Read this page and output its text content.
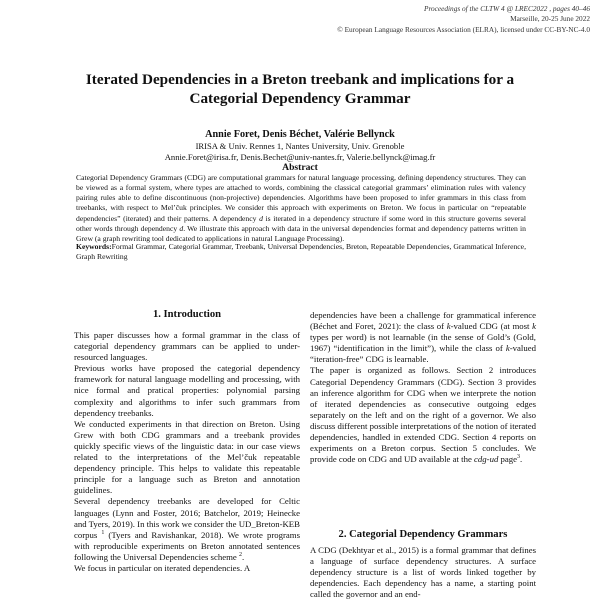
Proceedings of the CLTW 4 @ LREC2022 , pages 40–46
Marseille, 20-25 June 2022
© European Language Resources Association (ELRA), licensed under CC-BY-NC-4.0
Iterated Dependencies in a Breton treebank and implications for a
Categorial Dependency Grammar
Annie Foret, Denis Béchet, Valérie Bellynck
IRISA & Univ. Rennes 1, Nantes University, Univ. Grenoble
Annie.Foret@irisa.fr, Denis.Bechet@univ-nantes.fr, Valerie.bellynck@imag.fr
Abstract

Categorial Dependency Grammars (CDG) are computational grammars for natural language processing, defining dependency structures. They can be viewed as a formal system, where types are attached to words, combining the classical categorial grammars’ elimination rules with valency pairing rules able to define discontinuous (non-projective) dependencies. Algorithms have been proposed to infer grammars in this class from treebanks, with respect to Mel’čuk principles. We consider this approach with experiments on Breton. We focus in particular on “repeatable dependencies” (iterated) and their patterns. A dependency d is iterated in a dependency structure if some word in this structure governs several other words through dependency d. We illustrate this approach with data in the universal dependencies format and dependency patterns written in Grew (a graph rewriting tool dedicated to applications in natural Language Processing).

Keywords:Formal Grammar, Categorial Grammar, Treebank, Universal Dependencies, Breton, Repeatable Dependencies, Grammatical Inference, Graph Rewriting
1. Introduction

This paper discusses how a formal grammar in the class of categorial dependency grammars can be applied to under-resourced languages.

Previous works have proposed the categorial dependency framework for natural language modelling and processing, with nice formal and pratical properties: polynomial parsing complexity and algorithms to infer such grammars from dependency treebanks.

We conducted experiments in that direction on Breton. Using Grew with both CDG grammars and a treebank provides quickly specific views of the linguistic data: in our case views related to the interpretations of the Mel’čuk repeatable dependency principle. This helps to validate this repeatable principle for a language such as Breton and annotation guidelines.

Several dependency treebanks are developed for Celtic languages (Lynn and Foster, 2016; Batchelor, 2019; Heinecke and Tyers, 2019). In this work we consider the UD_Breton-KEB corpus $^1$ (Tyers and Ravishankar, 2018). We wrote programs with reproducible experiments on Breton annotated sentences following the Universal Dependencies scheme $^2$.

We focus in particular on iterated dependencies. A

dependencies have been a challenge for grammatical inference (Béchet and Foret, 2021): the class of k-valued CDG (at most k types per word) is not learnable (in the sense of Gold’s (Gold, 1967) “identification in the limit”), while the class of k-valued “iteration-free” CDG is learnable.

The paper is organized as follows. Section 2 introduces Categorial Dependency Grammars (CDG). Section 3 provides an inference algorithm for CDG when we interprete the notion of iterated dependencies as consecutive outgoing edges separately on the left and on the right of a governor. We also discuss different possible interpretations of the notion of iterated dependencies, handled in extended CDG. Section 4 reports on experiments on a Breton corpus. Section 5 concludes. We provide code on CDG and UD available at the cdg-ud page$^3$.

2. Categorial Dependency Grammars

A CDG (Dekhtyar et al., 2015) is a formal grammar that defines a language of surface dependency structures. A surface dependency structure is a list of words linked together by dependencies. Each dependency has a name, a starting point called the governor and an end-
